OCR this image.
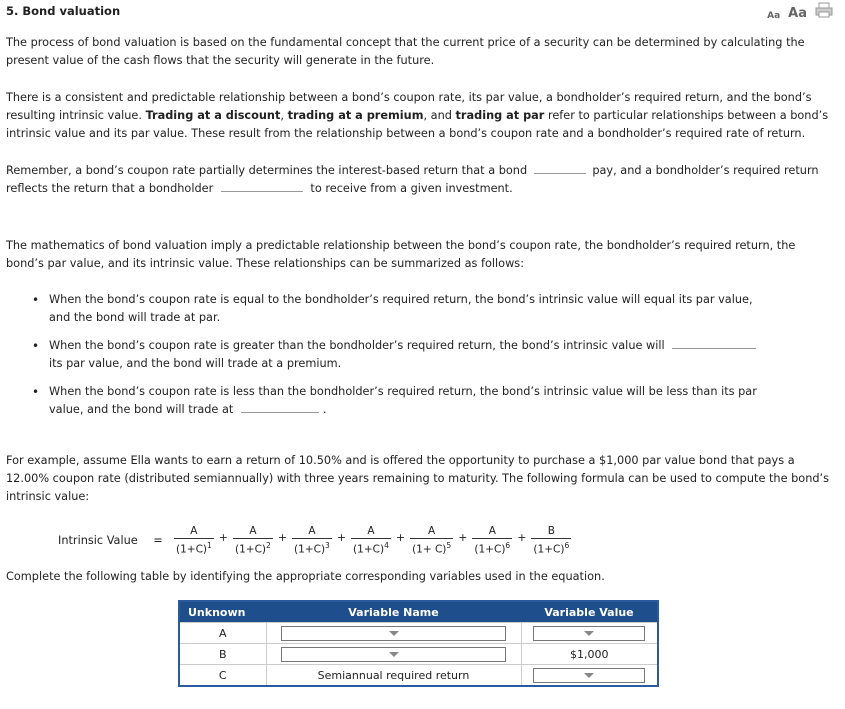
5. Bond valuation	Aa Aa

The process of bond valuation is based on the fundamental concept that the current price of a security can be determined by calculating the present value of the cash flows that the security will generate in the future.

There is a consistent and predictable relationship between a bond’s coupon rate, its par value, a bondholder’s required return, and the bond’s resulting intrinsic value. Trading at a discount, trading at a premium, and trading at par refer to particular relationships between a bond’s intrinsic value and its par value. These result from the relationship between a bond’s coupon rate and a bondholder’s required rate of return.

Remember, a bond’s coupon rate partially determines the interest-based return that a bond	pay, and a bondholder’s required return reflects the return that a bondholder	to receive from a given investment.

The mathematics of bond valuation imply a predictable relationship between the bond’s coupon rate, the bondholder’s required return, the bond’s par value, and its intrinsic value. These relationships can be summarized as follows:

• When the bond’s coupon rate is equal to the bondholder’s required return, the bond’s intrinsic value will equal its par value, and the bond will trade at par.
• When the bond’s coupon rate is greater than the bondholder’s required return, the bond’s intrinsic value will  its par value, and the bond will trade at a premium.
• When the bond’s coupon rate is less than the bondholder’s required return, the bond’s intrinsic value will be less than its par value, and the bond will trade at	.

For example, assume Ella wants to earn a return of 10.50% and is offered the opportunity to purchase a $1,000 par value bond that pays a 12.00% coupon rate (distributed semiannually) with three years remaining to maturity. The following formula can be used to compute the bond’s intrinsic value:

Intrinsic Value	=	$\frac{A}{(1+C)^1} + \frac{A}{(1+C)^2} + \frac{A}{(1+C)^3} + \frac{A}{(1+C)^4} + \frac{A}{(1+ C)^5} + \frac{A}{(1+C)^6} + \frac{B}{(1+C)^6}$

Complete the following table by identifying the appropriate corresponding variables used in the equation.

Unknown	Variable Name	Variable Value
A	

B		$1,000
C	Semiannual required return	
